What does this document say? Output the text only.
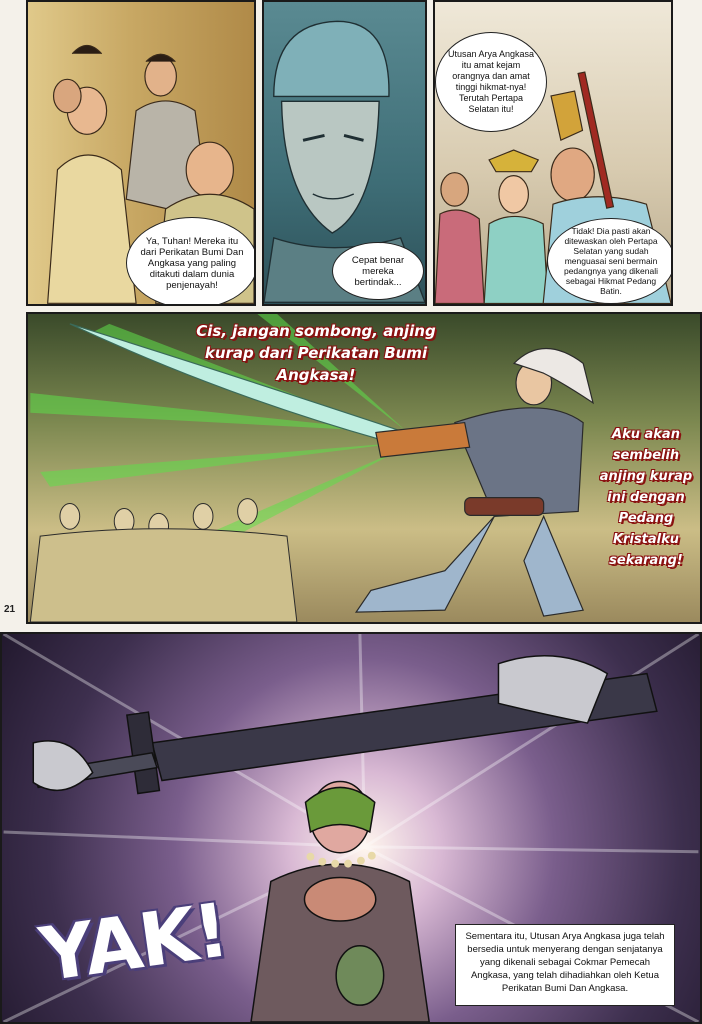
Ya, Tuhan! Mereka itu dari Perikatan Bumi Dan Angkasa yang paling ditakuti dalam dunia penjenayah!
Cepat benar mereka bertindak...
Utusan Arya Angkasa itu amat kejam orangnya dan amat tinggi hikmat-nya! Terutah Pertapa Selatan itu!
Tidak! Dia pasti akan ditewaskan oleh Pertapa Selatan yang sudah menguasai seni bermain pedangnya yang dikenali sebagai Hikmat Pedang Batin.
Cis, jangan sombong, anjing kurap dari Perikatan Bumi Angkasa!
Aku akan sembelih anjing kurap ini dengan Pedang Kristalku sekarang!
21
YAK!	Sementara itu, Utusan Arya Angkasa juga telah bersedia untuk menyerang dengan senjatanya yang dikenali sebagai Cokmar Pemecah Angkasa, yang telah dihadiahkan oleh Ketua Perikatan Bumi Dan Angkasa.
